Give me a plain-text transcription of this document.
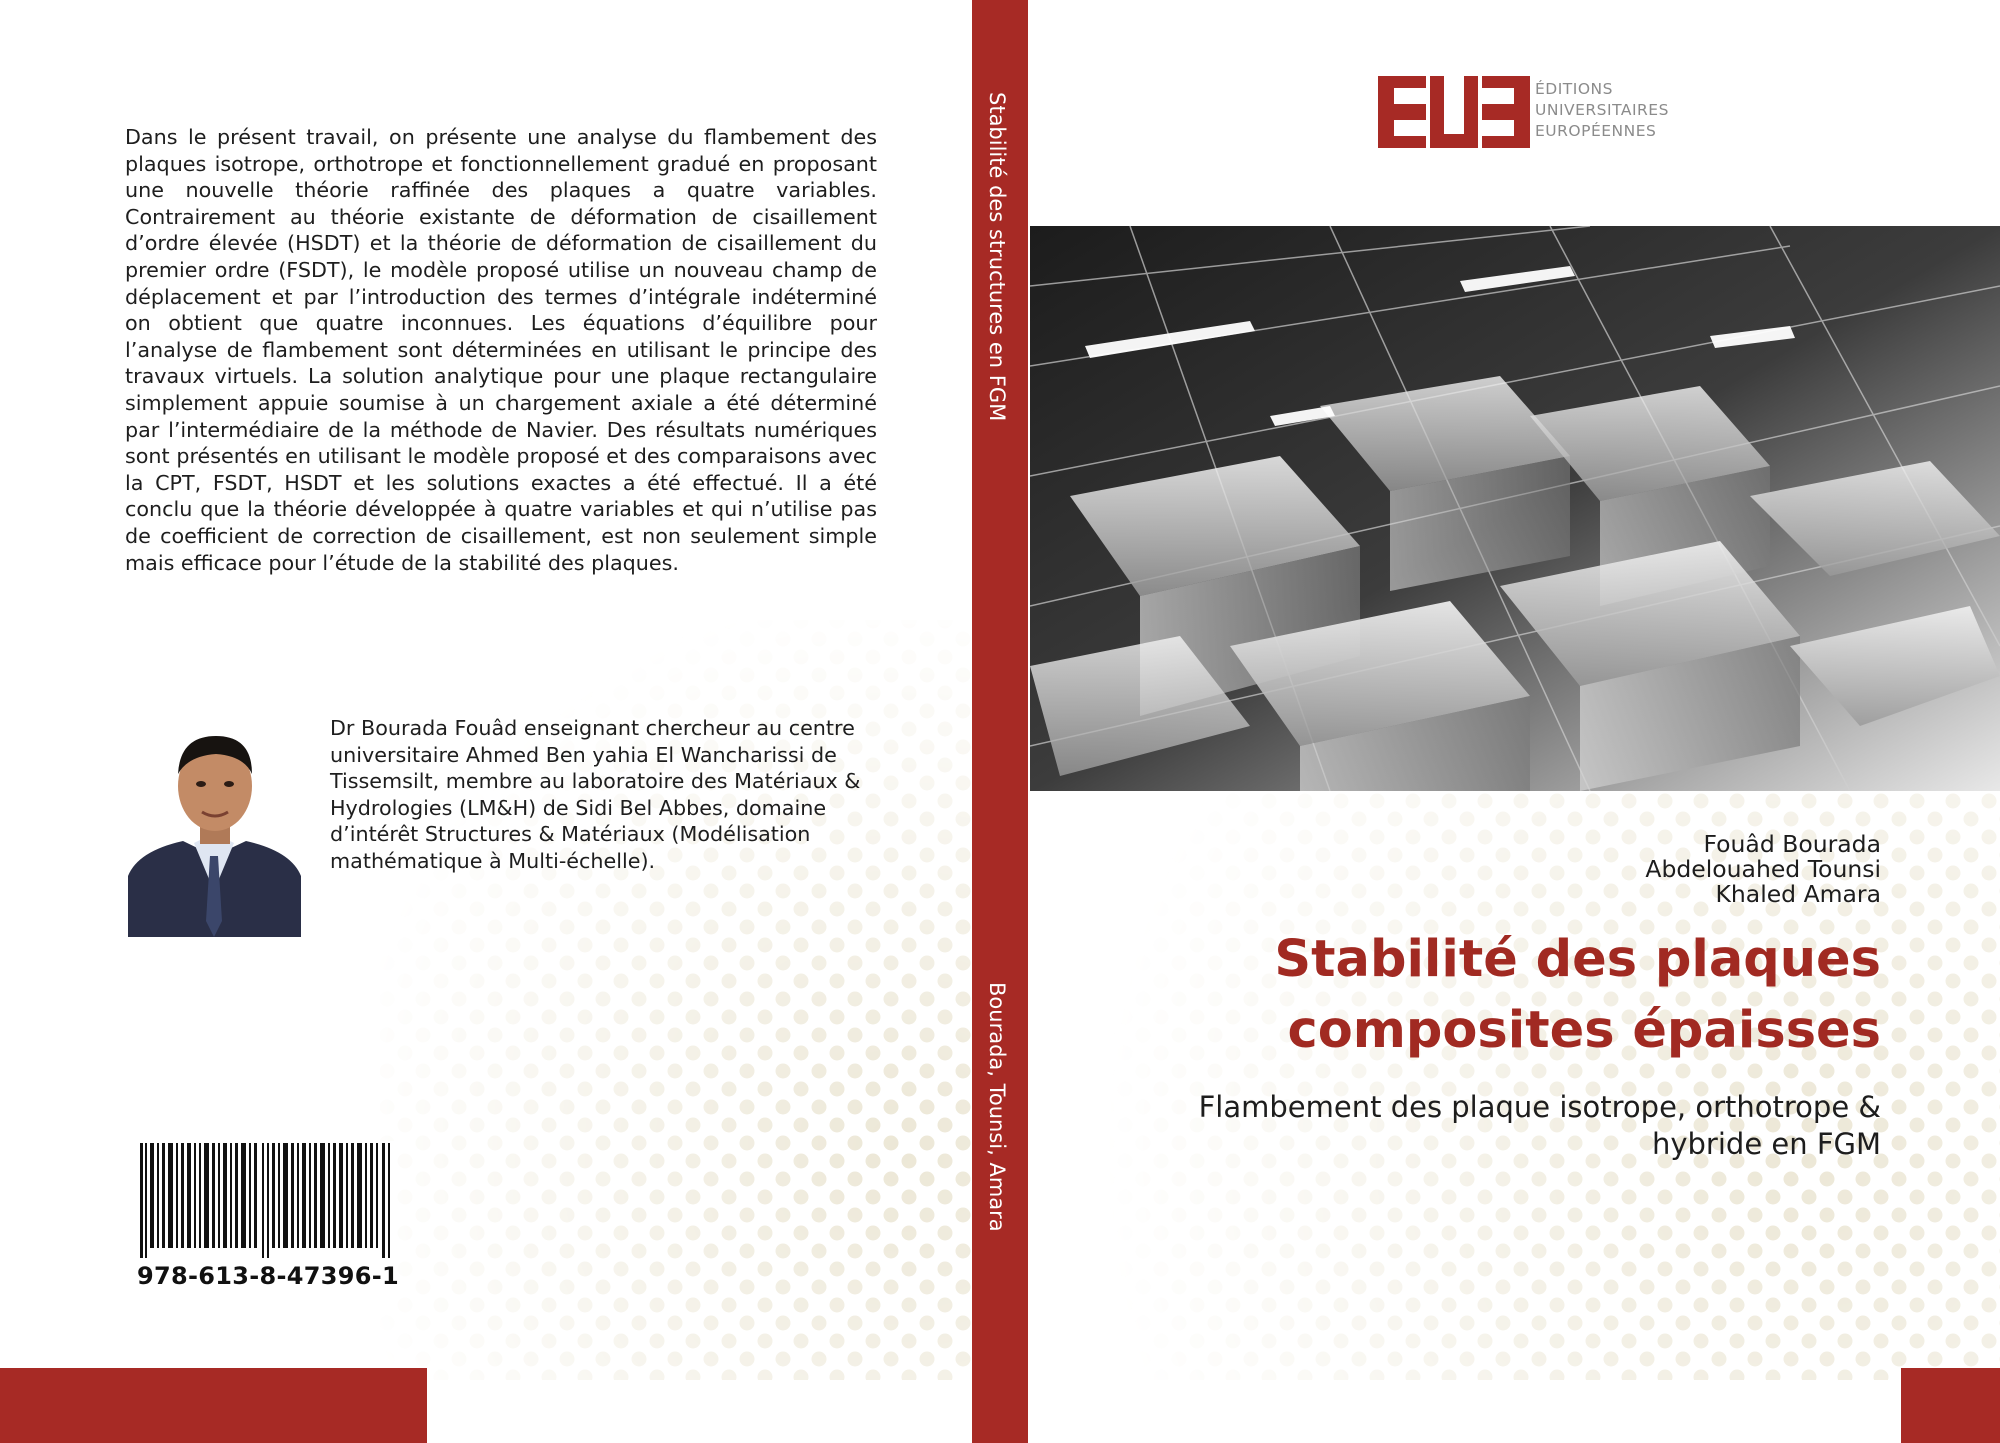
Dans le présent travail, on présente une analyse du flambement des plaques isotrope, orthotrope et fonctionnellement gradué en proposant une nouvelle théorie raffinée des plaques a quatre variables. Contrairement au théorie existante de déformation de cisaillement d’ordre élevée (HSDT) et la théorie de déformation de cisaillement du premier ordre (FSDT), le modèle proposé utilise un nouveau champ de déplacement et par l’introduction des termes d’intégrale indéterminé on obtient que quatre inconnues. Les équations d’équilibre pour l’analyse de flambement sont déterminées en utilisant le principe des travaux virtuels. La solution analytique pour une plaque rectangulaire simplement appuie soumise à un chargement axiale a été déterminé par l’intermédiaire de la méthode de Navier. Des résultats numériques sont présentés en utilisant le modèle proposé et des comparaisons avec la CPT, FSDT, HSDT et les solutions exactes a été effectué. Il a été conclu que la théorie développée à quatre variables et qui n’utilise pas de coefficient de correction de cisaillement, est non seulement simple mais efficace pour l’étude de la stabilité des plaques.

Dr Bourada Fouâd enseignant chercheur au centre universitaire Ahmed Ben yahia El Wancharissi de Tissemsilt, membre au laboratoire des Matériaux & Hydrologies (LM&H) de Sidi Bel Abbes, domaine d’intérêt Structures & Matériaux (Modélisation mathématique à Multi-échelle).

978-613-8-47396-1
Stabilité des structures en FGM
Bourada, Tounsi, Amara
ÉDITIONS
UNIVERSITAIRES
EUROPÉENNES
Fouâd Bourada
Abdelouahed Tounsi
Khaled Amara
Stabilité des plaques
composites épaisses
Flambement des plaque isotrope, orthotrope &
hybride en FGM
